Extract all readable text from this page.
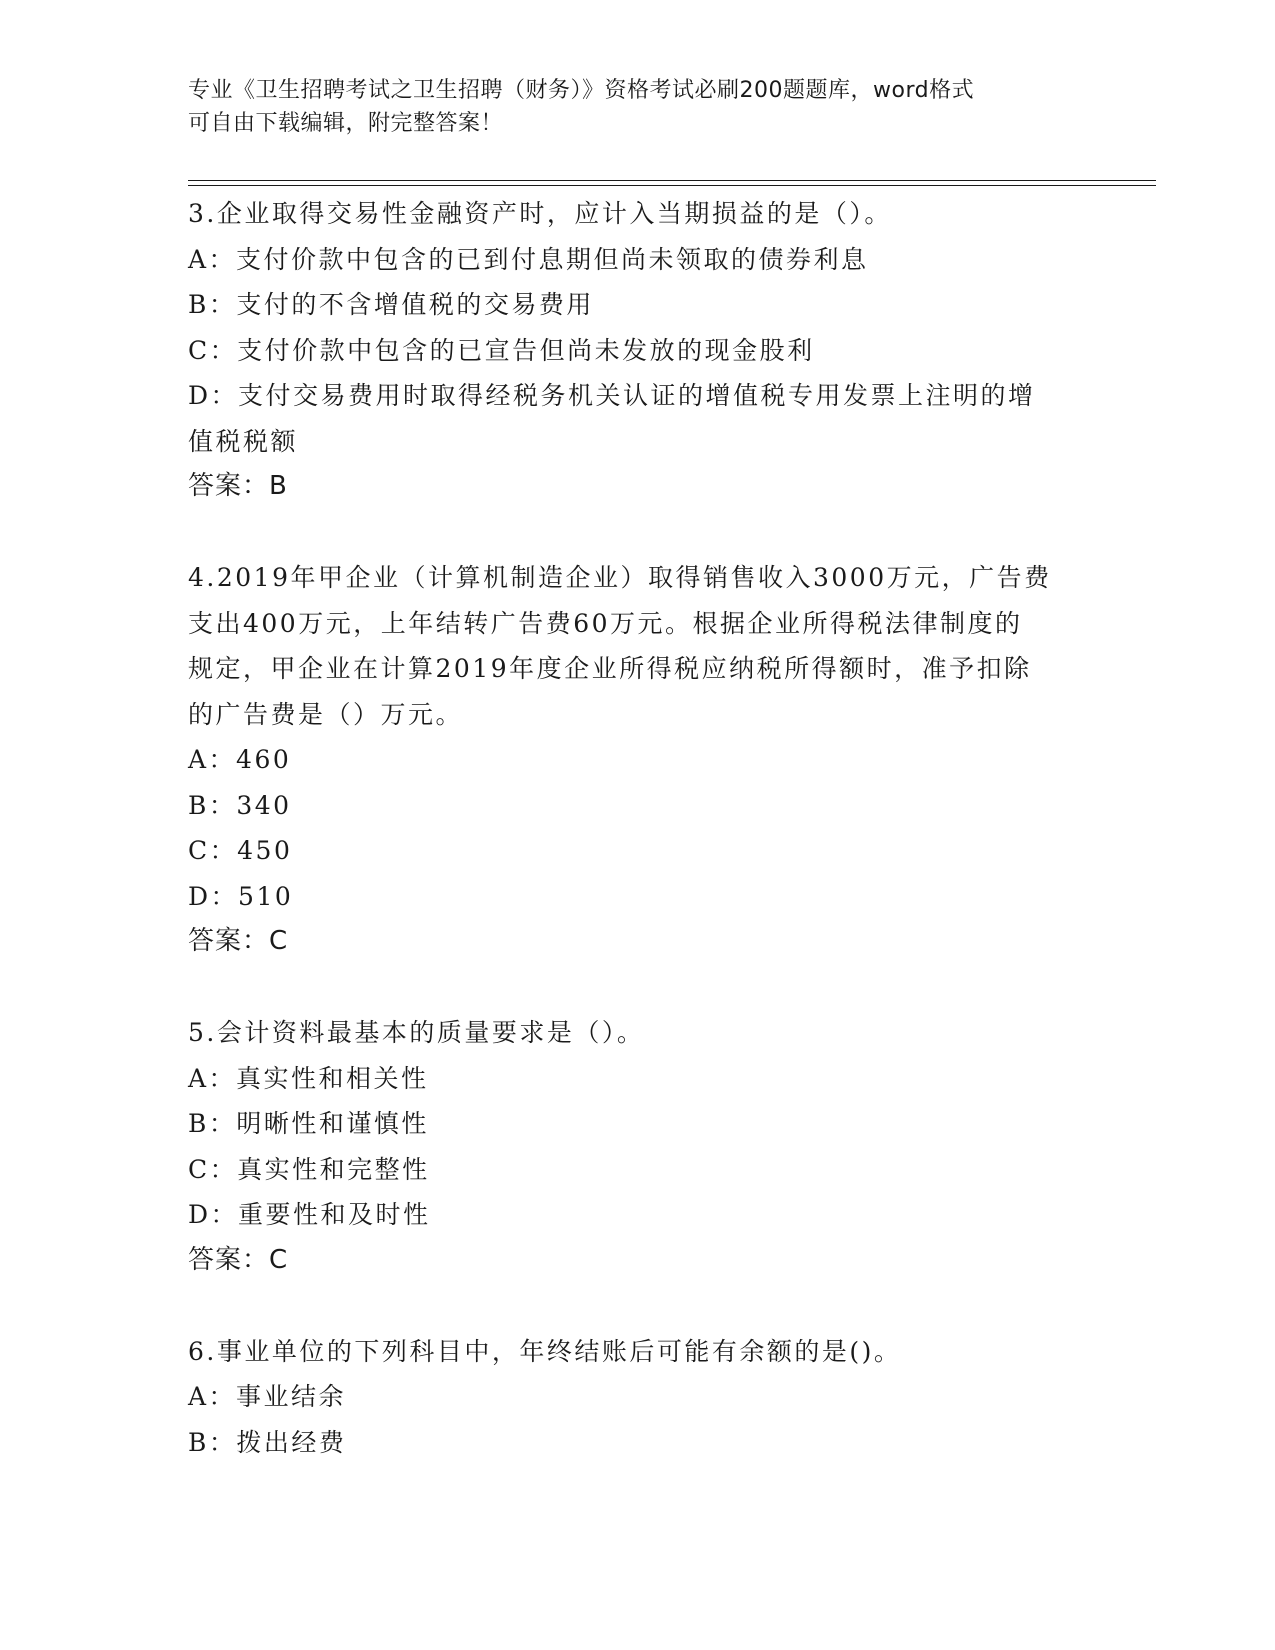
专业《卫生招聘考试之卫生招聘（财务）》资格考试必刷200题题库，word格式
可自由下载编辑，附完整答案！
3.企业取得交易性金融资产时，应计入当期损益的是（）。
A：支付价款中包含的已到付息期但尚未领取的债券利息
B：支付的不含增值税的交易费用
C：支付价款中包含的已宣告但尚未发放的现金股利
D：支付交易费用时取得经税务机关认证的增值税专用发票上注明的增
值税税额
答案：B
4.2019年甲企业（计算机制造企业）取得销售收入3000万元，广告费
支出400万元，上年结转广告费60万元。根据企业所得税法律制度的
规定，甲企业在计算2019年度企业所得税应纳税所得额时，准予扣除
的广告费是（）万元。
A：460
B：340
C：450
D：510
答案：C
5.会计资料最基本的质量要求是（）。
A：真实性和相关性
B：明晰性和谨慎性
C：真实性和完整性
D：重要性和及时性
答案：C
6.事业单位的下列科目中，年终结账后可能有余额的是()。
A：事业结余
B：拨出经费
